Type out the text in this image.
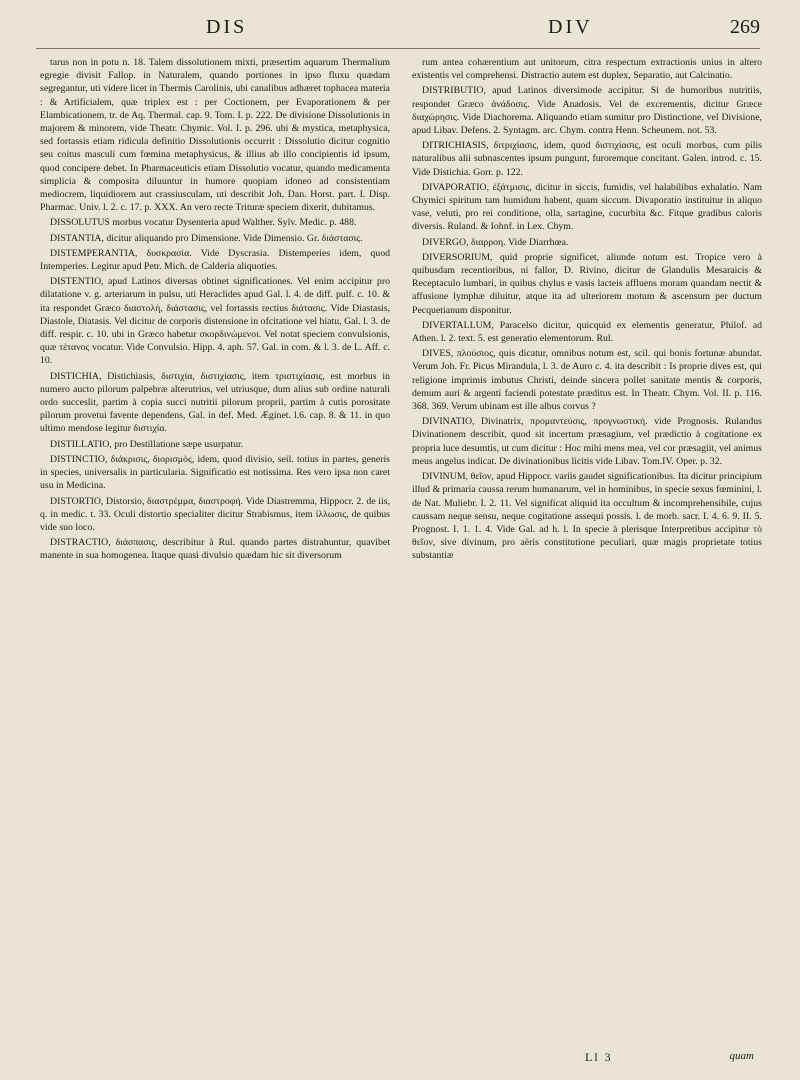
DIS	DIV	269

tarus non in potu n. 18. Talem dissolutionem mixti, præsertim aquarum Thermalium egregie divisit Fallop. in Naturalem, quando portiones in ipso fluxu quædam segregantur, uti videre licet in Thermis Carolinis, ubi canalibus adhæret tophacea materia : & Artificialem, quæ triplex est : per Coctionem, per Evaporationem & per Elambicationem, tr. de Aq. Thermal. cap. 9. Tom. I. p. 222. De divisione Dissolutionis in majorem & minorem, vide Theatr. Chymic. Vol. I. p. 296. ubi & mystica, metaphysica, sed fortassis etiam ridicula definitio Dissolutionis occurrit : Dissolutio dicitur cognitio seu coitus masculi cum fœmina metaphysicus, & illius ab illo concipientis id ipsum, quod concipere debet. In Pharmaceuticis etiam Dissolutio vocatur, quando medicamenta simplicia & composita diluuntur in humore quopiam idoneo ad consistentiam mediocrem, liquidiorem aut crassiusculam, uti describit Joh. Dan. Horst. part. I. Disp. Pharmac. Univ. l. 2. c. 17. p. XXX. An vero recte Trituræ speciem dixerit, dubitamus.

DISSOLUTUS morbus vocatur Dysenteria apud Walther. Sylv. Medic. p. 488.

DISTANTIA, dicitur aliquando pro Dimensione. Vide Dimensio. Gr. διάστασις.

DISTEMPERANTIA, δυσκρασία. Vide Dyscrasia. Distemperies idem, quod Intemperies. Legitur apud Petr. Mich. de Calderia aliquoties.

DISTENTIO, apud Latinos diversas obtinet significationes. Vel enim accipitur pro dilatatione v. g. arteriarum in pulsu, uti Heraclides apud Gal. l. 4. de diff. pulf. c. 10. & ita respondet Græco διαστολὴ, διάστασις, vel fortassis rectius διάτασις. Vide Diastasis, Diastole, Diatasis. Vel dicitur de corporis distensione in ofcitatione vel hiatu, Gal. l. 3. de diff. respir. c. 10. ubi in Græco habetur σκορδινώμενοι. Vel notat speciem convulsionis, quæ τέτανος vocatur. Vide Convulsio. Hipp. 4. aph. 57. Gal. in com. & l. 3. de L. Aff. c. 10.

DISTICHIA, Distichiasis, διστιχία, διστιχίασις, item τριστιχίασις, est morbus in numero aucto pilorum palpebræ alterutrius, vel utriusque, dum alius sub ordine naturali ordo succeslit, partim à copia succi nutritii pilorum proprii, partim à cutis porositate pilorum provetui favente dependens, Gal. in def. Med. Æginet. l.6. cap. 8. & 11. in quo ultimo mendose legitur διστιχία.

DISTILLATIO, pro Destillatione sæpe usurpatur.

DISTINCTIO, διάκρισις, διορισμὸς, idem, quod divisio, seil. totius in partes, generis in species, universalis in particularia. Significatio est notissima. Res vero ipsa non caret usu in Medicina.

DISTORTIO, Distorsio, διαστρέμμα, διαστροφή. Vide Diastremma, Hippocr. 2. de iis, q. in medic. t. 33. Oculi distortio specialiter dicitur Strabismus, item ἰλλωσις, de quibus vide suo loco.

DISTRACTIO, διάσπασις, describitur à Rul. quando partes distrahuntur, quavibet manente in sua homogenea. Itaque quasi divulsio quædam hic sit diversorum

rum antea cohærentium aut unitorum, citra respectum extractionis unius in altero existentis vel comprehensi. Distractio autem est duplex, Separatio, aut Calcinatio.

DISTRIBUTIO, apud Latinos diversimode accipitur. Si de humoribus nutritiis, respondet Græco ἀνάδοσις. Vide Anadosis. Vel de excrementis, dicitur Græce διαχώρησις. Vide Diachorema. Aliquando etiam sumitur pro Distinctione, vel Divisione, apud Libav. Defens. 2. Syntagm. arc. Chym. contra Henn. Scheunem. not. 53.

DITRICHIASIS, διτριχίασις, idem, quod διστιχίασις, est oculi morbus, cum pilis naturalibus alii subnascentes ipsum pungunt, furoremque concitant. Galen. introd. c. 15. Vide Distichia. Gorr. p. 122.

DIVAPORATIO, ἐξάτμισις, dicitur in siccis, fumidis, vel halabilibus exhalatio. Nam Chymici spiritum tam humidum habent, quam siccum. Divaporatio instituitur in aliquo vase, veluti, pro rei conditione, olla, sartagine, cucurbita &c. Fitque gradibus caloris diversis. Ruland. & Iohnf. in Lex. Chym.

DIVERGO, διαρροη. Vide Diarrhœa.

DIVERSORIUM, quid proprie significet, aliunde notum est. Tropice vero à quibusdam recentioribus, ni fallor, D. Rivino, dicitur de Glandulis Mesaraicis & Receptaculo lumbari, in quibus chylus e vasis lacteis affluens moram quandam nectit & affusione lymphæ diluitur, atque ita ad ulteriorem motum & ascensum per ductum Pecquetianum disponitur.

DIVERTALLUM, Paracelso dicitur, quicquid ex elementis generatur, Philof. ad Athen. l. 2. text. 5. est generatio elementorum. Rul.

DIVES, πλούσιος, quis dicatur, omnibus notum est, scil. qui bonis fortunæ abundat. Verum Joh. Fr. Picus Mirandula, l. 3. de Auro c. 4. ita describit : Is proprie dives est, qui religione imprimis imbutus Christi, deinde sincera pollet sanitate mentis & corporis, demum auri & argenti faciendi potestate præditus est. In Theatr. Chym. Vol. II. p. 116. 368. 369. Verum ubinam est ille albus corvus ?

DIVINATIO, Divinatrix, προμαντεύσις, προγνωστική. vide Prognosis. Rulandus Divinationem describit, quod sit incertum præsagium, vel prædictio à cogitatione ex propria luce desumtis, ut cum dicitur : Hoc mihi mens mea, vel cor præsagiit, vel animus meus angelus indicat. De divinationibus licitis vide Libav. Tom.IV. Oper. p. 32.

DIVINUM, θεῖον, apud Hippocr. variis gaudet significationibus. Ita dicitur principium illud & primaria caussa rerum humanarum, vel in hominibus, in specie sexus fœminini, l. de Nat. Muliebr. I. 2. 11. Vel significat aliquid ita occultum & incomprehensibile, cujus caussam neque sensu, neque cogitatione assequi possis. l. de morb. sacr. I. 4. 6. 9. II. 5. Prognost. I. 1. 1. 4. Vide Gal. ad h. l. In specie à plerisque Interpretibus accipitur τὸ θεῖον, sive divinum, pro aëris constitutione peculiari, quæ magis proprietate totius substantiæ

Ll 3	quam
